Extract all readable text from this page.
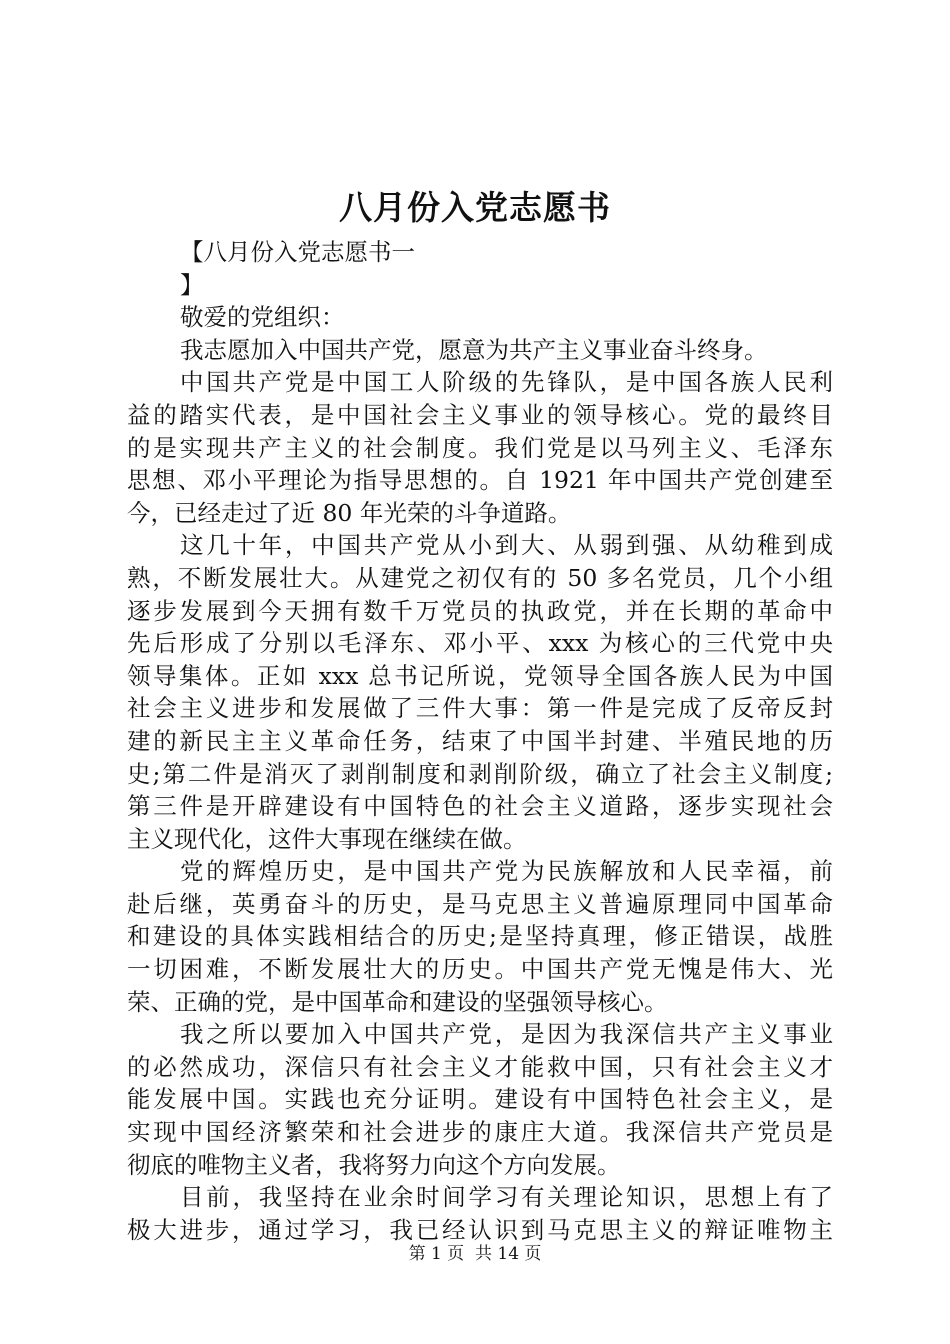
八月份入党志愿书
【八月份入党志愿书一
】
敬爱的党组织：
我志愿加入中国共产党，愿意为共产主义事业奋斗终身。
中国共产党是中国工人阶级的先锋队，是中国各族人民利
益的踏实代表，是中国社会主义事业的领导核心。党的最终目
的是实现共产主义的社会制度。我们党是以马列主义、毛泽东
思想、邓小平理论为指导思想的。自 1921 年中国共产党创建至
今，已经走过了近 80 年光荣的斗争道路。
这几十年，中国共产党从小到大、从弱到强、从幼稚到成
熟，不断发展壮大。从建党之初仅有的 50 多名党员，几个小组
逐步发展到今天拥有数千万党员的执政党，并在长期的革命中
先后形成了分别以毛泽东、邓小平、xxx 为核心的三代党中央
领导集体。正如 xxx 总书记所说，党领导全国各族人民为中国
社会主义进步和发展做了三件大事：第一件是完成了反帝反封
建的新民主主义革命任务，结束了中国半封建、半殖民地的历
史;第二件是消灭了剥削制度和剥削阶级，确立了社会主义制度;
第三件是开辟建设有中国特色的社会主义道路，逐步实现社会
主义现代化，这件大事现在继续在做。
党的辉煌历史，是中国共产党为民族解放和人民幸福，前
赴后继，英勇奋斗的历史，是马克思主义普遍原理同中国革命
和建设的具体实践相结合的历史;是坚持真理，修正错误，战胜
一切困难，不断发展壮大的历史。中国共产党无愧是伟大、光
荣、正确的党，是中国革命和建设的坚强领导核心。
我之所以要加入中国共产党，是因为我深信共产主义事业
的必然成功，深信只有社会主义才能救中国，只有社会主义才
能发展中国。实践也充分证明。建设有中国特色社会主义，是
实现中国经济繁荣和社会进步的康庄大道。我深信共产党员是
彻底的唯物主义者，我将努力向这个方向发展。
目前，我坚持在业余时间学习有关理论知识，思想上有了
极大进步，通过学习，我已经认识到马克思主义的辩证唯物主
第 1 页  共 14 页
